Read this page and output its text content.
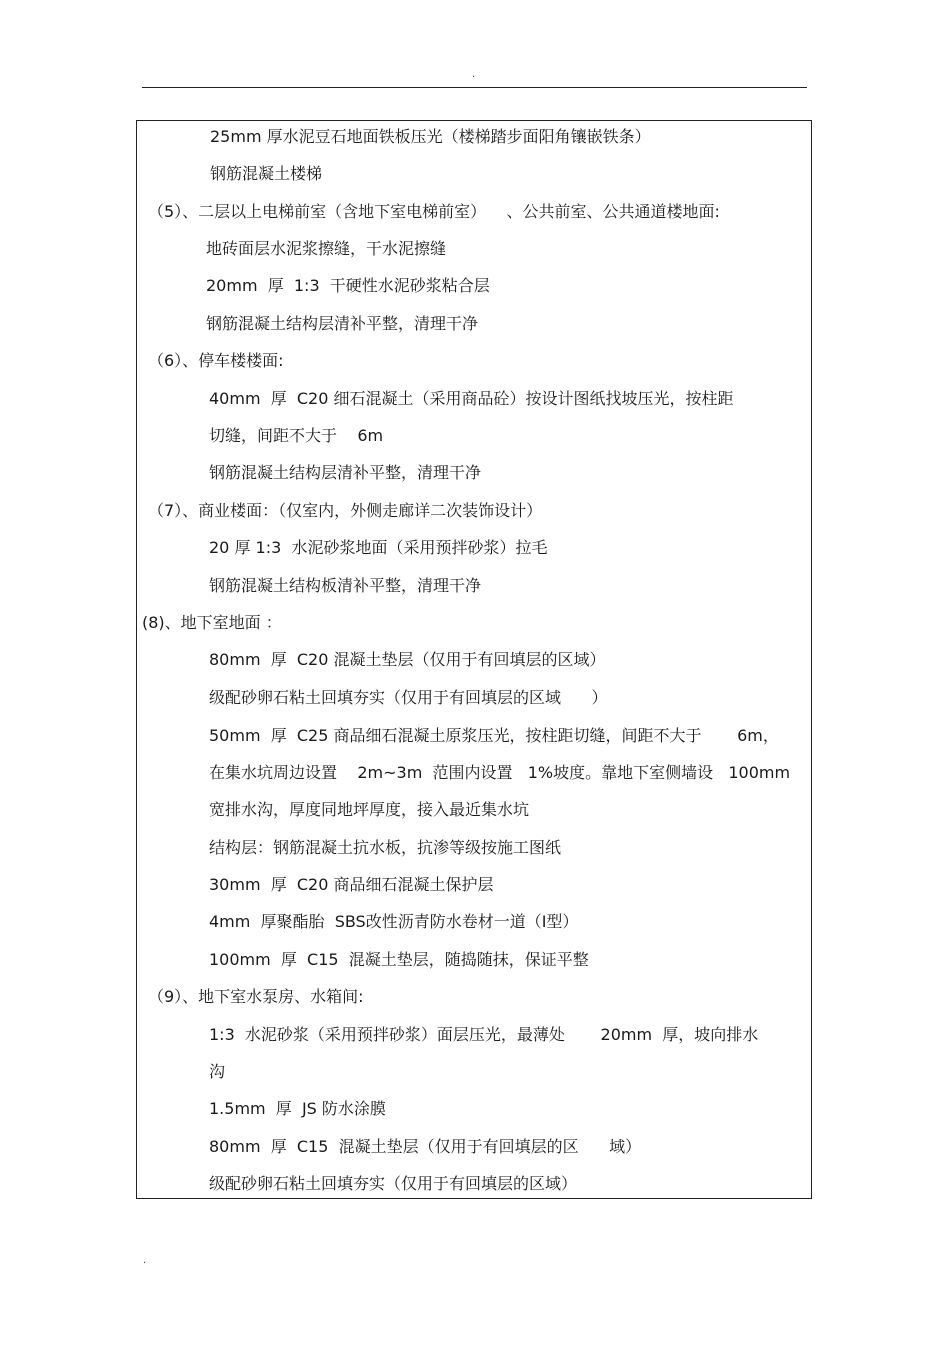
.
25mm 厚水泥豆石地面铁板压光（楼梯踏步面阳角镶嵌铁条）
钢筋混凝土楼梯
（5）、二层以上电梯前室（含地下室电梯前室）    、公共前室、公共通道楼地面:
地砖面层水泥浆擦缝，干水泥擦缝
20mm  厚  1:3  干硬性水泥砂浆粘合层
钢筋混凝土结构层清补平整，清理干净
（6）、停车楼楼面:
40mm  厚  C20 细石混凝土（采用商品砼）按设计图纸找坡压光，按柱距
切缝，间距不大于    6m
钢筋混凝土结构层清补平整，清理干净
（7）、商业楼面：（仅室内，外侧走廊详二次装饰设计）
20 厚 1:3  水泥砂浆地面（采用预拌砂浆）拉毛
钢筋混凝土结构板清补平整，清理干净
(8)、地下室地面 ：
80mm  厚  C20 混凝土垫层（仅用于有回填层的区域）
级配砂卵石粘土回填夯实（仅用于有回填层的区域      ）
50mm  厚  C25 商品细石混凝土原浆压光，按柱距切缝，间距不大于       6m，
在集水坑周边设置    2m~3m  范围内设置   1%坡度。靠地下室侧墙设   100mm
宽排水沟，厚度同地坪厚度，接入最近集水坑
结构层：钢筋混凝土抗水板，抗渗等级按施工图纸
30mm  厚  C20 商品细石混凝土保护层
4mm  厚聚酯胎  SBS改性沥青防水卷材一道（Ⅰ型）
100mm  厚  C15  混凝土垫层，随捣随抹，保证平整
（9）、地下室水泵房、水箱间:
1:3  水泥砂浆（采用预拌砂浆）面层压光，最薄处       20mm  厚，坡向排水
沟
1.5mm  厚  JS 防水涂膜
80mm  厚  C15  混凝土垫层（仅用于有回填层的区      域）
级配砂卵石粘土回填夯实（仅用于有回填层的区域）
.
